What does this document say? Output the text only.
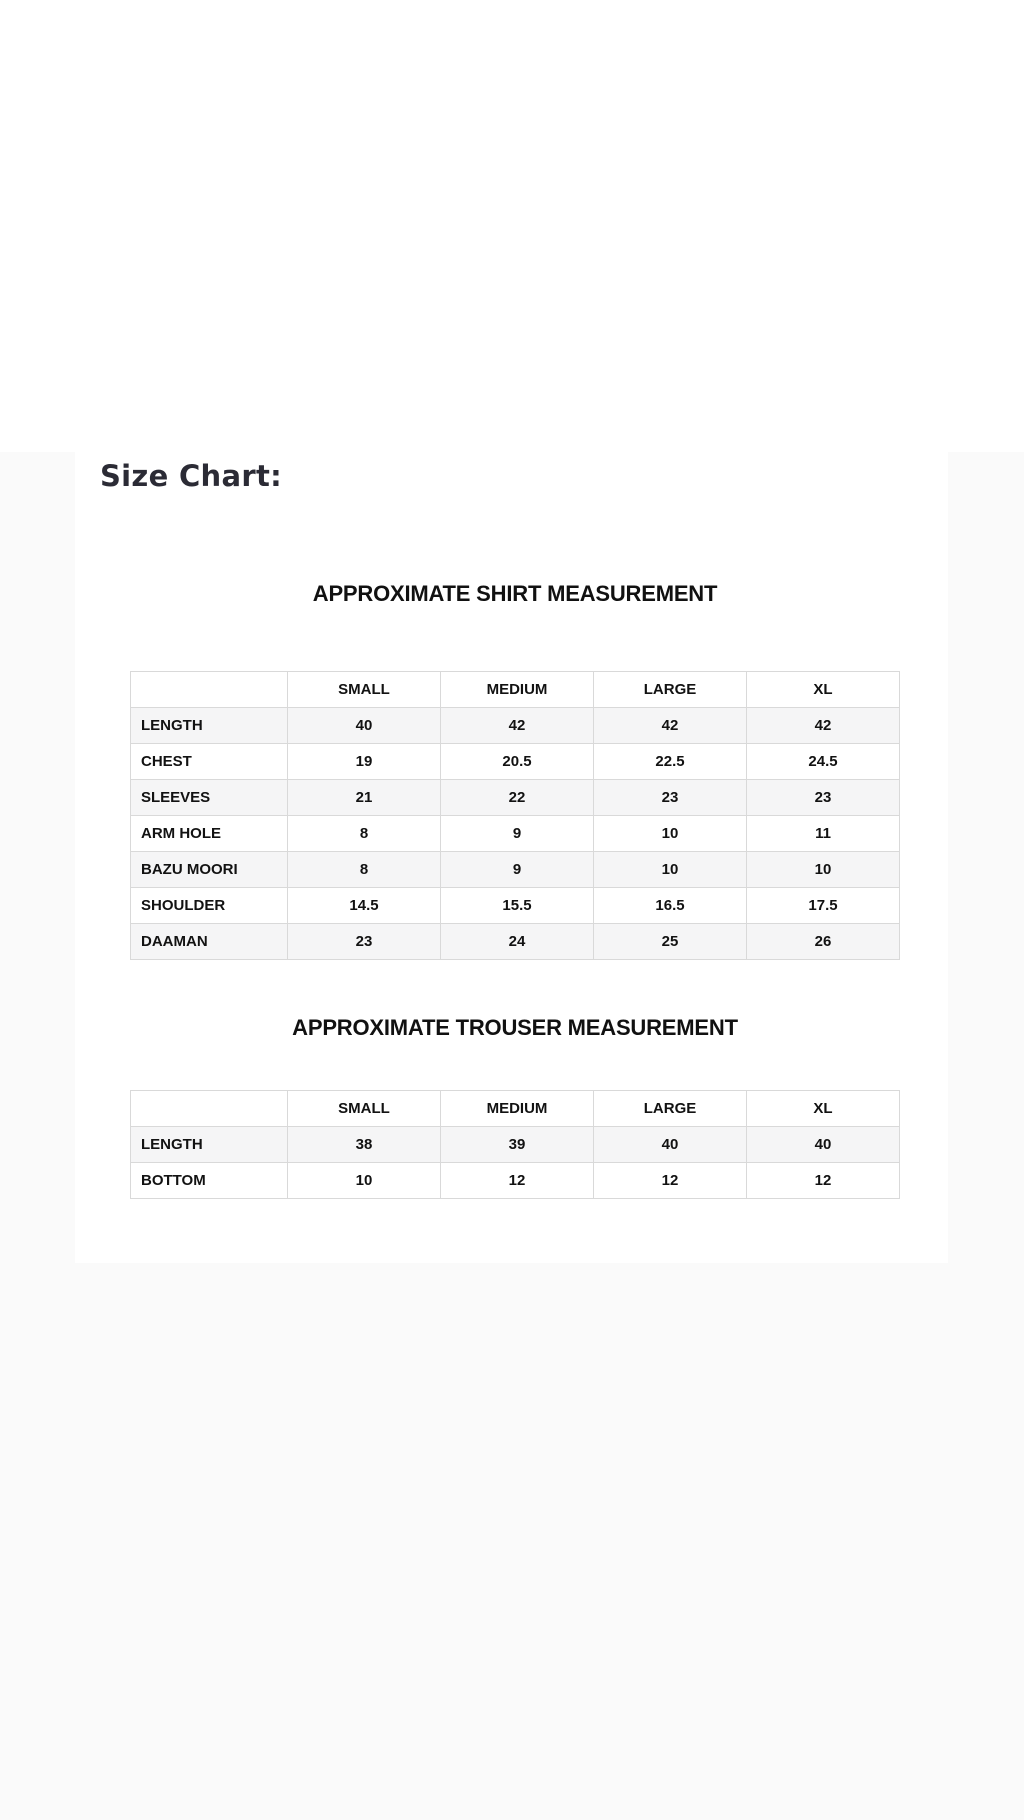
Size Chart:
APPROXIMATE SHIRT MEASUREMENT
	SMALL	MEDIUM	LARGE	XL
LENGTH	40	42	42	42
CHEST	19	20.5	22.5	24.5
SLEEVES	21	22	23	23
ARM HOLE	8	9	10	11
BAZU MOORI	8	9	10	10
SHOULDER	14.5	15.5	16.5	17.5
DAAMAN	23	24	25	26
APPROXIMATE TROUSER MEASUREMENT
	SMALL	MEDIUM	LARGE	XL
LENGTH	38	39	40	40
BOTTOM	10	12	12	12
